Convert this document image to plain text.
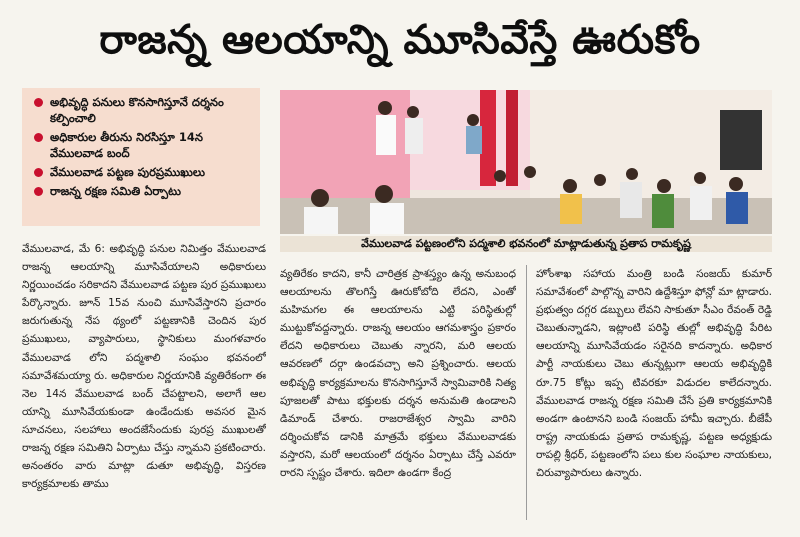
రాజన్న ఆలయాన్ని మూసివేస్తే ఊరుకోం
అభివృద్ధి పనులు కొనసాగిస్తూనే దర్శనం కల్పించాలి
అధికారుల తీరును నిరసిస్తూ 14న వేములవాడ బంద్
వేములవాడ పట్టణ పురప్రముఖులు
రాజన్న రక్షణ సమితి ఏర్పాటు
వేములవాడ పట్టణంలోని పద్మశాలి భవనంలో మాట్లాడుతున్న ప్రతాప రామకృష్ణ

వేములవాడ, మే 6: అభివృద్ధి పనుల నిమిత్తం వేములవాడ రాజన్న ఆలయాన్ని మూసివేయాలని అధికారులు నిర్ణయించడం సరికాదని వేములవాడ పట్టణ పుర ప్రముఖులు పేర్కొన్నారు. జూన్ 15వ నుంచి మూసివేస్తారని ప్రచారం జరుగుతున్న నేప థ్యంలో పట్టణానికి చెందిన పుర ప్రముఖులు, వ్యాపారులు, స్థానికులు మంగళవారం వేములవాడ లోని పద్మశాలి సంఘం భవనంలో సమావేశమయ్యా రు. అధికారుల నిర్ణయానికి వ్యతిరేకంగా ఈ నెల 14న వేములవాడ బంద్ చేపట్టాలని, అలాగే ఆల యాన్ని మూసివేయకుండా ఉండేందుకు అవసర మైన సూచనలు, సలహాలు అందజేసేందుకు పురప్ర ముఖులతో రాజన్న రక్షణ సమితిని ఏర్పాటు చేస్తు న్నామని ప్రకటించారు. అనంతరం వారు మాట్లా డుతూ అభివృద్ధి, విస్తరణ కార్యక్రమాలకు తాము

వ్యతిరేకం కాదని, కానీ చారిత్రక ప్రాశస్త్యం ఉన్న అనుబంధ ఆలయాలను తొలగిస్తే ఊరుకోబోది లేదని, ఎంతో మహిమగల ఈ ఆలయాలను ఎట్టి పరిస్థితుల్లో ముట్టుకోవద్దన్నారు. రాజన్న ఆలయం ఆగమశాస్త్రం ప్రకారం లేదని అధికారులు చెబుతు న్నారని, మరి ఆలయ ఆవరణలో దర్గా ఉండవచ్చా అని ప్రశ్నించారు. ఆలయ అభివృద్ధి కార్యక్రమాలను కొనసాగిస్తూనే స్వామివారికి నిత్య పూజలతో పాటు భక్తులకు దర్శన అనుమతి ఉండాలని డిమాండ్ చేశారు. రాజరాజేశ్వర స్వామి వారిని దర్శించుకోవ డానికి మాత్రమే భక్తులు వేములవాడకు వస్తారని, మరో ఆలయంలో దర్శనం ఏర్పాటు చేస్తే ఎవరూ రారని స్పష్టం చేశారు. ఇదిలా ఉండగా కేంద్ర

హోంశాఖ సహాయ మంత్రి బండి సంజయ్ కుమార్ సమావేశంలో పాల్గొన్న వారిని ఉద్దేశిస్తూ ఫోన్లో మా ట్లాడారు. ప్రభుత్వం దగ్గర డబ్బులు లేవని సాకుతూ సీఎం రేవంత్ రెడ్డి చెబుతున్నాడని, ఇట్లాంటి పరిస్థి తుల్లో అభివృద్ధి పేరిట ఆలయాన్ని మూసివేయడం సరైనది కాదన్నారు. అధికార పార్టీ నాయకులు చెబు తున్నట్లుగా ఆలయ అభివృద్ధికి రూ.75 కోట్లు ఇప్ప టివరకూ విడుదల కాలేదన్నారు. వేములవాడ రాజన్న రక్షణ సమితి చేసే ప్రతి కార్యక్రమానికి అండగా ఉంటానని బండి సంజయ్ హామీ ఇచ్చారు. బీజేపీ రాష్ట్ర నాయకుడు ప్రతాప రామకృష్ణ, పట్టణ అధ్యక్షుడు రాపల్లి శ్రీధర్, పట్టణంలోని పలు కుల సంఘాల నాయకులు, చిరువ్యాపారులు ఉన్నారు.
